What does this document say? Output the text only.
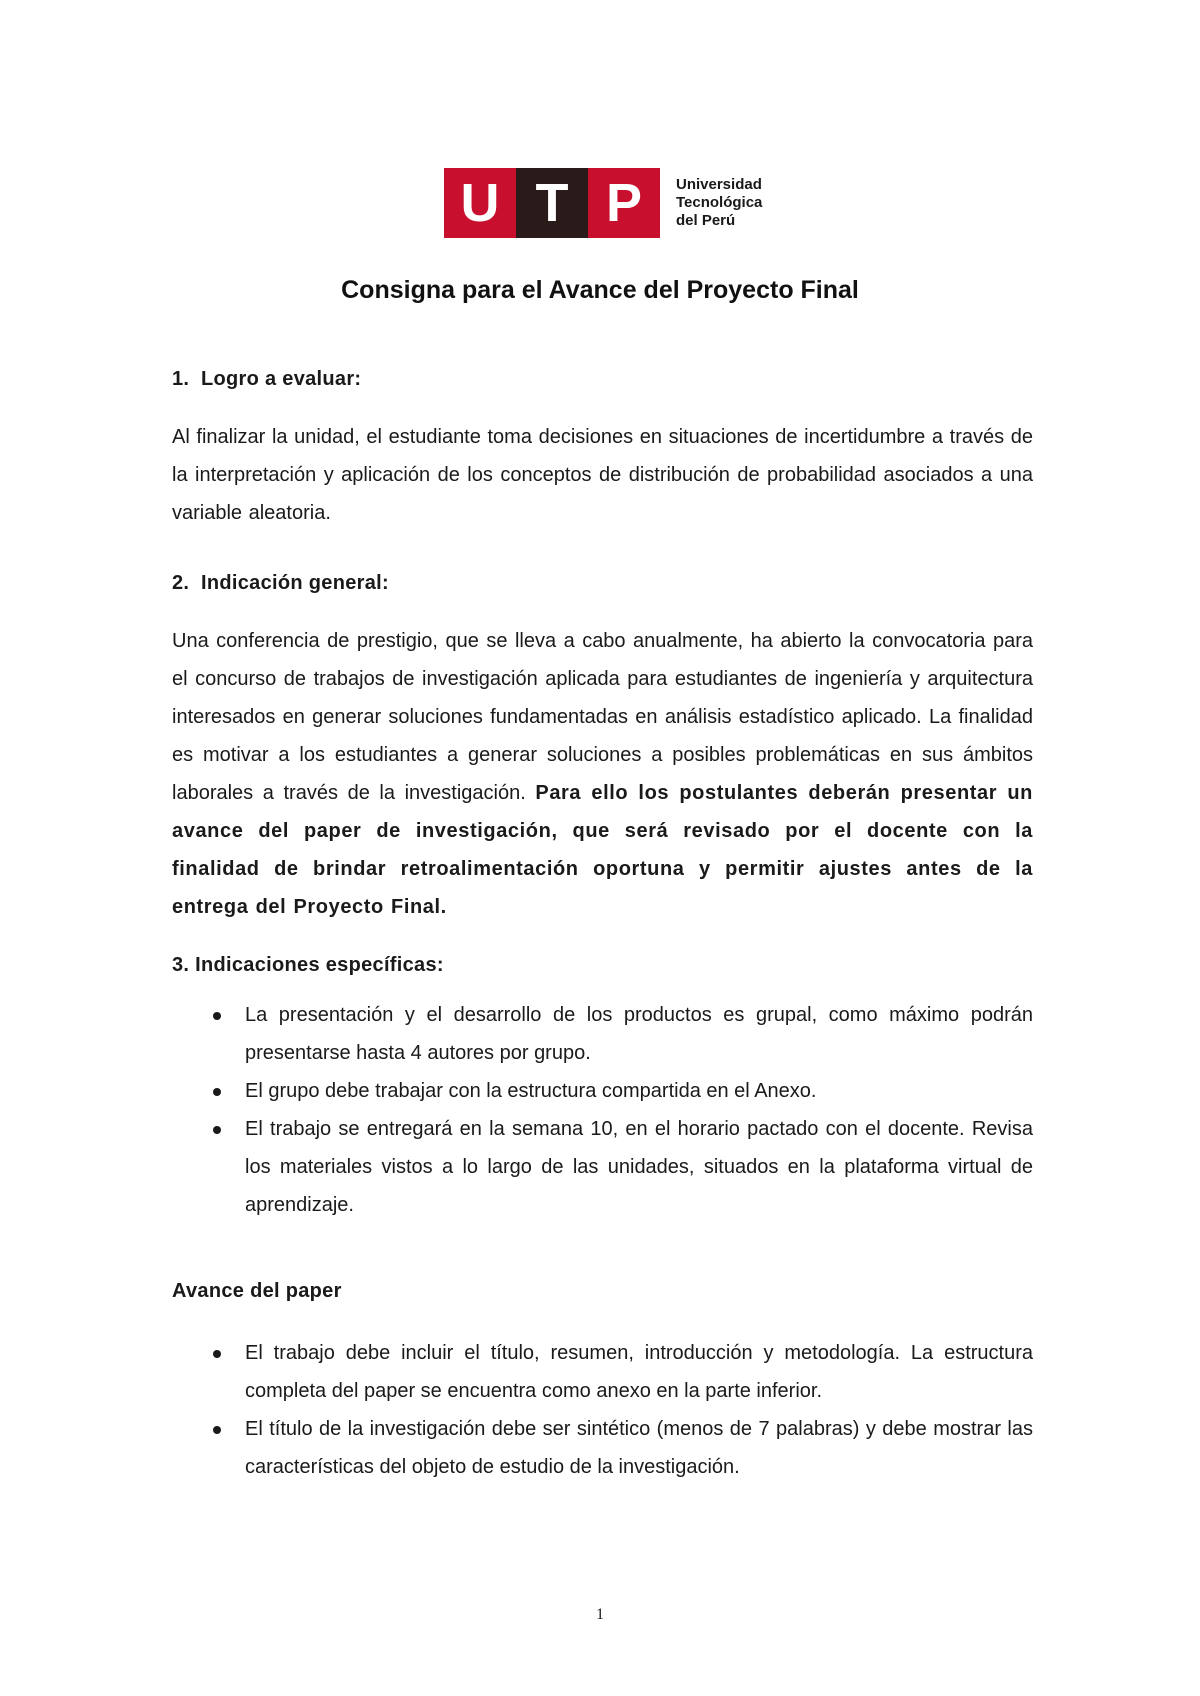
U T P	Universidad
Tecnológica
del Perú
Consigna para el Avance del Proyecto Final

1.  Logro a evaluar:

Al finalizar la unidad, el estudiante toma decisiones en situaciones de incertidumbre a través de la interpretación y aplicación de los conceptos de distribución de probabilidad asociados a una variable aleatoria.

2.  Indicación general:

Una conferencia de prestigio, que se lleva a cabo anualmente, ha abierto la convocatoria para el concurso de trabajos de investigación aplicada para estudiantes de ingeniería y arquitectura interesados en generar soluciones fundamentadas en análisis estadístico aplicado. La finalidad es motivar a los estudiantes a generar soluciones a posibles problemáticas en sus ámbitos laborales a través de la investigación. Para ello los postulantes deberán presentar un avance del paper de investigación, que será revisado por el docente con la finalidad de brindar retroalimentación oportuna y permitir ajustes antes de la entrega del Proyecto Final.

3. Indicaciones específicas:

La presentación y el desarrollo de los productos es grupal, como máximo podrán presentarse hasta 4 autores por grupo.
El grupo debe trabajar con la estructura compartida en el Anexo.
El trabajo se entregará en la semana 10, en el horario pactado con el docente. Revisa los materiales vistos a lo largo de las unidades, situados en la plataforma virtual de aprendizaje.

Avance del paper

El trabajo debe incluir el título, resumen, introducción y metodología. La estructura completa del paper se encuentra como anexo en la parte inferior.
El título de la investigación debe ser sintético (menos de 7 palabras) y debe mostrar las características del objeto de estudio de la investigación.
1
